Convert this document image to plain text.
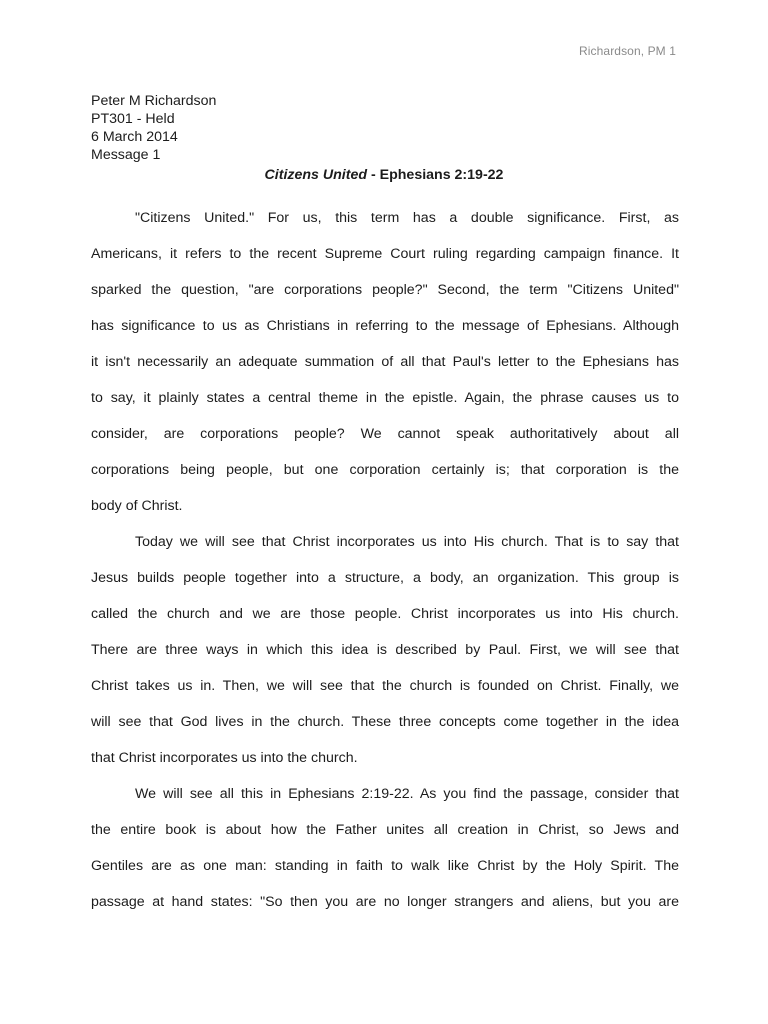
Richardson, PM 1
Peter M Richardson
PT301 - Held
6 March 2014
Message 1
Citizens United - Ephesians 2:19-22
"Citizens United." For us, this term has a double significance. First, as
Americans, it refers to the recent Supreme Court ruling regarding campaign finance. It
sparked the question, "are corporations people?" Second, the term "Citizens United"
has significance to us as Christians in referring to the message of Ephesians. Although
it isn't necessarily an adequate summation of all that Paul's letter to the Ephesians has
to say, it plainly states a central theme in the epistle. Again, the phrase causes us to
consider, are corporations people? We cannot speak authoritatively about all
corporations being people, but one corporation certainly is; that corporation is the
body of Christ.
Today we will see that Christ incorporates us into His church. That is to say that
Jesus builds people together into a structure, a body, an organization. This group is
called the church and we are those people. Christ incorporates us into His church.
There are three ways in which this idea is described by Paul. First, we will see that
Christ takes us in. Then, we will see that the church is founded on Christ. Finally, we
will see that God lives in the church. These three concepts come together in the idea
that Christ incorporates us into the church.
We will see all this in Ephesians 2:19-22. As you find the passage, consider that
the entire book is about how the Father unites all creation in Christ, so Jews and
Gentiles are as one man: standing in faith to walk like Christ by the Holy Spirit. The
passage at hand states: "So then you are no longer strangers and aliens, but you are
